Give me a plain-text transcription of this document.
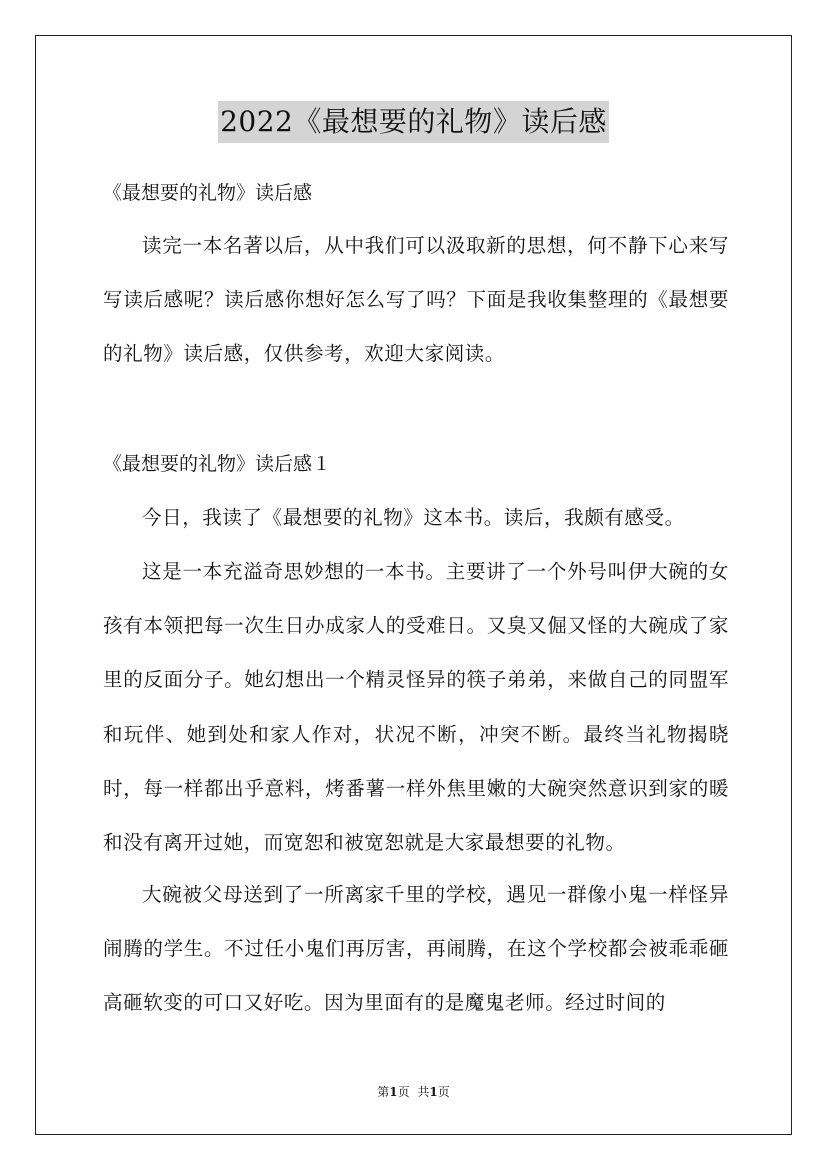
2022《最想要的礼物》读后感
《最想要的礼物》读后感

读完一本名著以后，从中我们可以汲取新的思想，何不静下心来写写读后感呢？读后感你想好怎么写了吗？下面是我收集整理的《最想要的礼物》读后感，仅供参考，欢迎大家阅读。

《最想要的礼物》读后感１

今日，我读了《最想要的礼物》这本书。读后，我颇有感受。

这是一本充溢奇思妙想的一本书。主要讲了一个外号叫伊大碗的女孩有本领把每一次生日办成家人的受难日。又臭又倔又怪的大碗成了家里的反面分子。她幻想出一个精灵怪异的筷子弟弟，来做自己的同盟军和玩伴、她到处和家人作对，状况不断，冲突不断。最终当礼物揭晓时，每一样都出乎意料，烤番薯一样外焦里嫩的大碗突然意识到家的暖和没有离开过她，而宽恕和被宽恕就是大家最想要的礼物。

大碗被父母送到了一所离家千里的学校，遇见一群像小鬼一样怪异闹腾的学生。不过任小鬼们再厉害，再闹腾，在这个学校都会被乖乖砸高砸软变的可口又好吃。因为里面有的是魔鬼老师。经过时间的

第1页 共1页
